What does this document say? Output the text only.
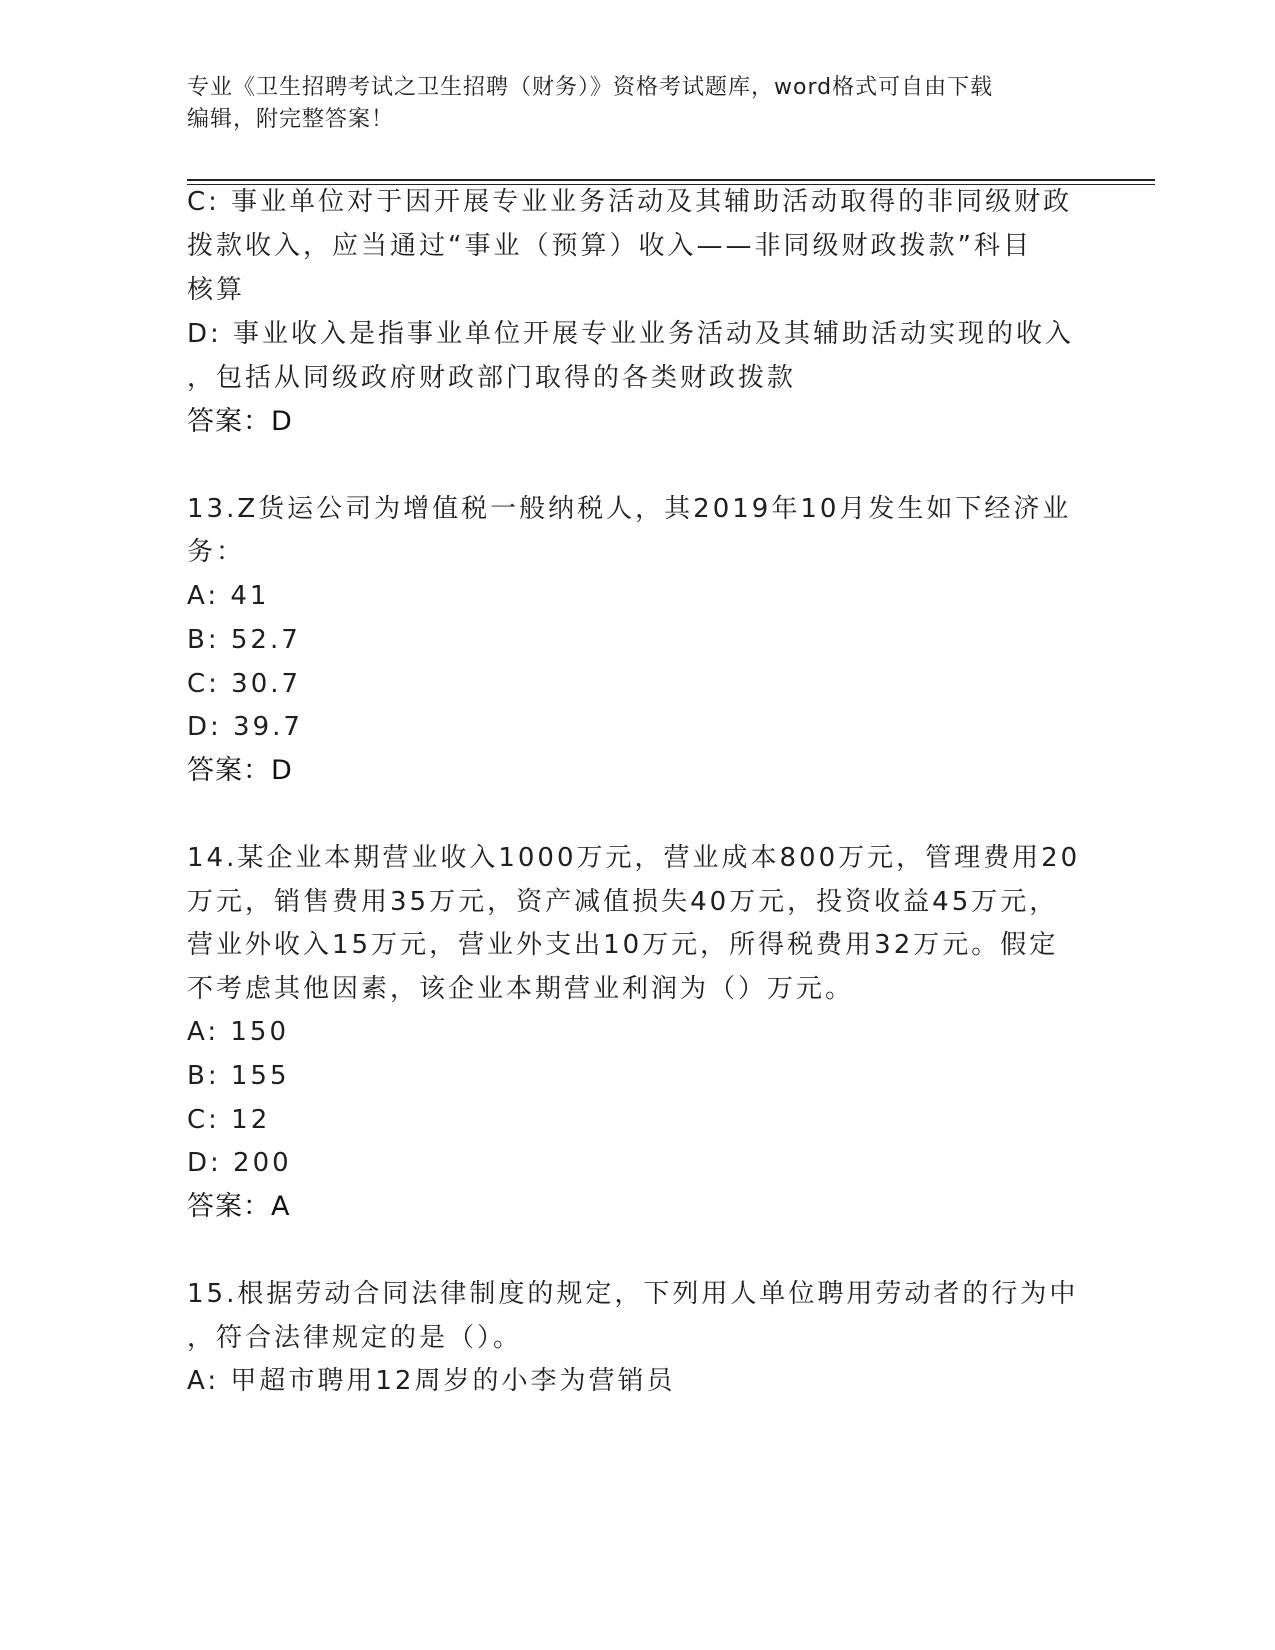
专业《卫生招聘考试之卫生招聘（财务）》资格考试题库，word格式可自由下载
编辑，附完整答案！
C: 事业单位对于因开展专业业务活动及其辅助活动取得的非同级财政
拨款收入，应当通过“事业（预算）收入——非同级财政拨款”科目
核算
D: 事业收入是指事业单位开展专业业务活动及其辅助活动实现的收入
，包括从同级政府财政部门取得的各类财政拨款
答案：D
13.Z货运公司为增值税一般纳税人，其2019年10月发生如下经济业
务：
A: 41
B: 52.7
C: 30.7
D: 39.7
答案：D
14.某企业本期营业收入1000万元，营业成本800万元，管理费用20
万元，销售费用35万元，资产减值损失40万元，投资收益45万元，
营业外收入15万元，营业外支出10万元，所得税费用32万元。假定
不考虑其他因素，该企业本期营业利润为（）万元。
A: 150
B: 155
C: 12
D: 200
答案：A
15.根据劳动合同法律制度的规定，下列用人单位聘用劳动者的行为中
，符合法律规定的是（）。
A: 甲超市聘用12周岁的小李为营销员
